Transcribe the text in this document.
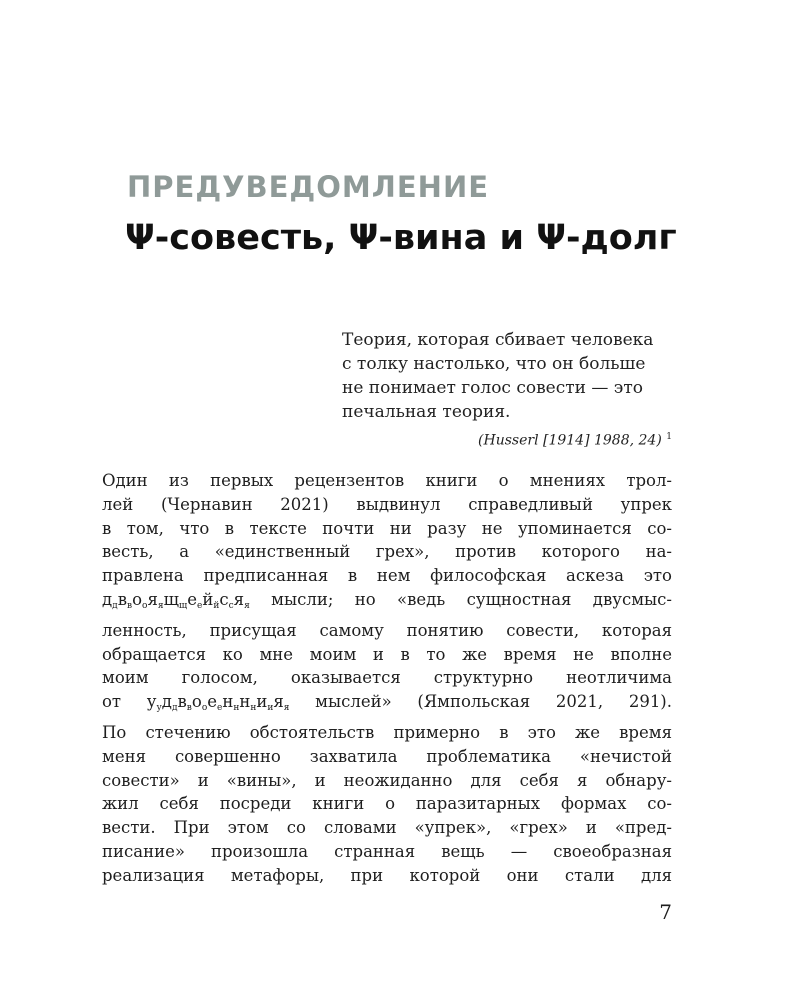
ПРЕДУВЕДОМЛЕНИЕ
Ψ-совесть, Ψ-вина и Ψ-долг
Теория, которая сбивает человека
с толку настолько, что он больше
не понимает голос совести — это
печальная теория.
(Husserl [1914] 1988, 24) $^1$
Один из первых рецензентов книги о мнениях трол-
лей (Чернавин 2021) выдвинул справедливый упрек
в том, что в тексте почти ни разу не упоминается со-
весть, а «единственный грех», против которого на-
правлена предписанная в нем философская аскеза это
$д_дв_во_оя_ящ_ще_ей_йс_ся_я$ мысли; но «ведь сущностная двусмыс-
ленность, присущая самому понятию совести, которая
обращается ко мне моим и в то же время не вполне
моим голосом, оказывается структурно неотличима
от $у_уд_дв_во_ое_ен_нн_ни_ия_я$ мыслей» (Ямпольская 2021, 291).
По стечению обстоятельств примерно в это же время
меня совершенно захватила проблематика «нечистой
совести» и «вины», и неожиданно для себя я обнару-
жил себя посреди книги о паразитарных формах со-
вести. При этом со словами «упрек», «грех» и «пред-
писание» произошла странная вещь — своеобразная
реализация метафоры, при которой они стали для
7
